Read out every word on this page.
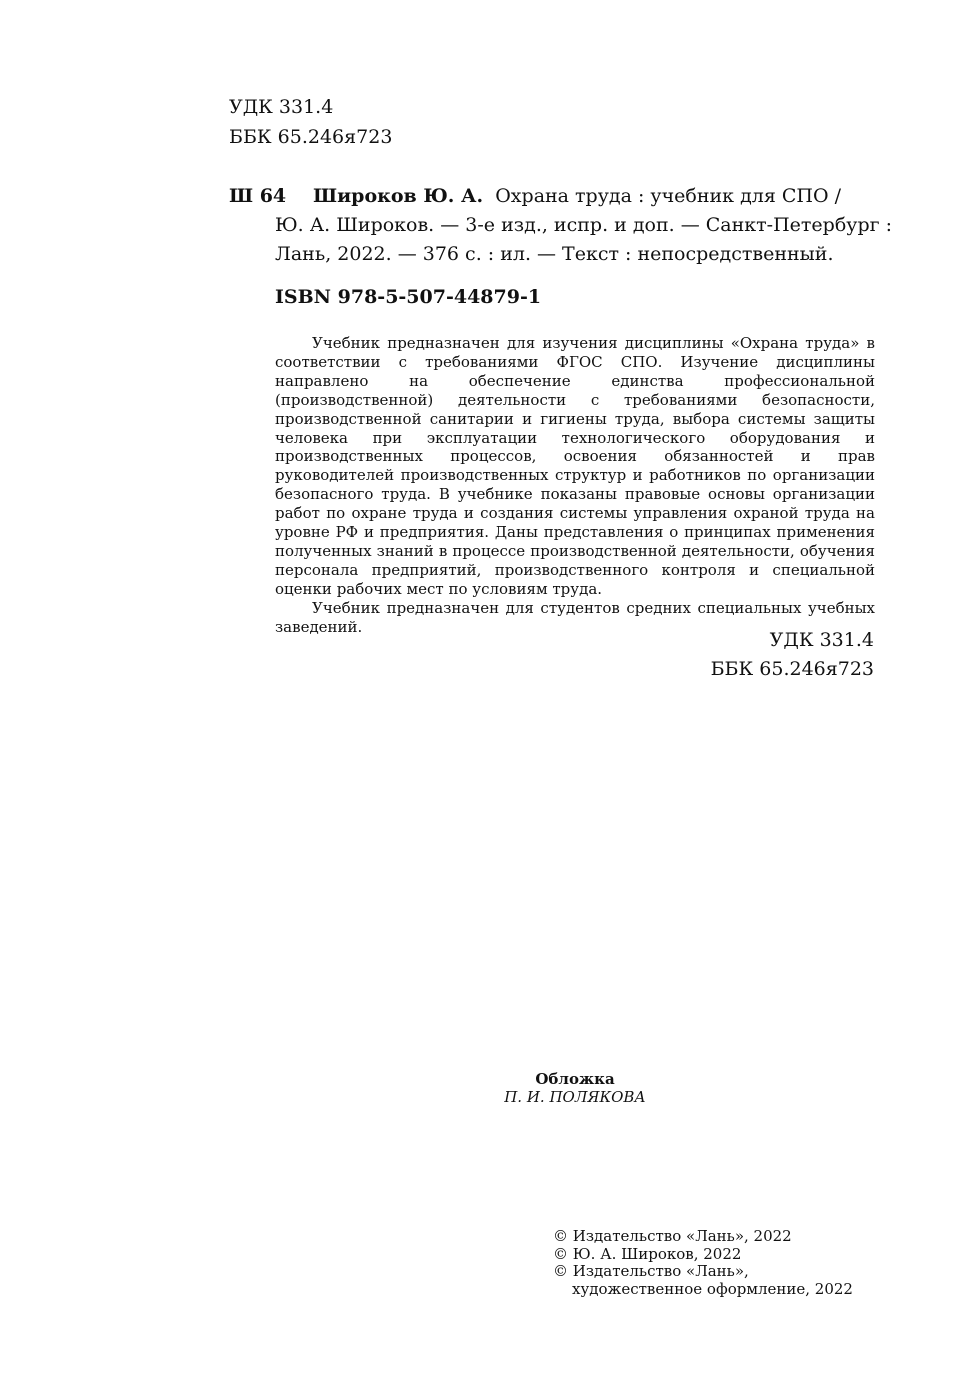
УДК 331.4
ББК 65.246я723
Ш 64	Широков Ю. А. Охрана труда : учебник для СПО /
Ю. А. Широков. — 3-е изд., испр. и доп. — Санкт-Петербург :
Лань, 2022. — 376 с. : ил. — Текст : непосредственный.
ISBN 978-5-507-44879-1

Учебник предназначен для изучения дисциплины «Охрана труда» в соответствии с требованиями ФГОС СПО. Изучение дисциплины направлено на обеспечение единства профессиональной (производственной) деятельности с требованиями безопасности, производственной санитарии и гигиены труда, выбора системы защиты человека при эксплуатации технологического оборудования и производственных процессов, освоения обязанностей и прав руководителей производственных структур и работников по организации безопасного труда. В учебнике показаны правовые основы организации работ по охране труда и создания системы управления охраной труда на уровне РФ и предприятия. Даны представления о принципах применения полученных знаний в процессе производственной деятельности, обучения персонала предприятий, производственного контроля и специальной оценки рабочих мест по условиям труда.

Учебник предназначен для студентов средних специальных учебных заведений.

УДК 331.4
ББК 65.246я723
Обложка
П. И. ПОЛЯКОВА
© Издательство «Лань», 2022
© Ю. А. Широков, 2022
© Издательство «Лань»,
художественное оформление, 2022
